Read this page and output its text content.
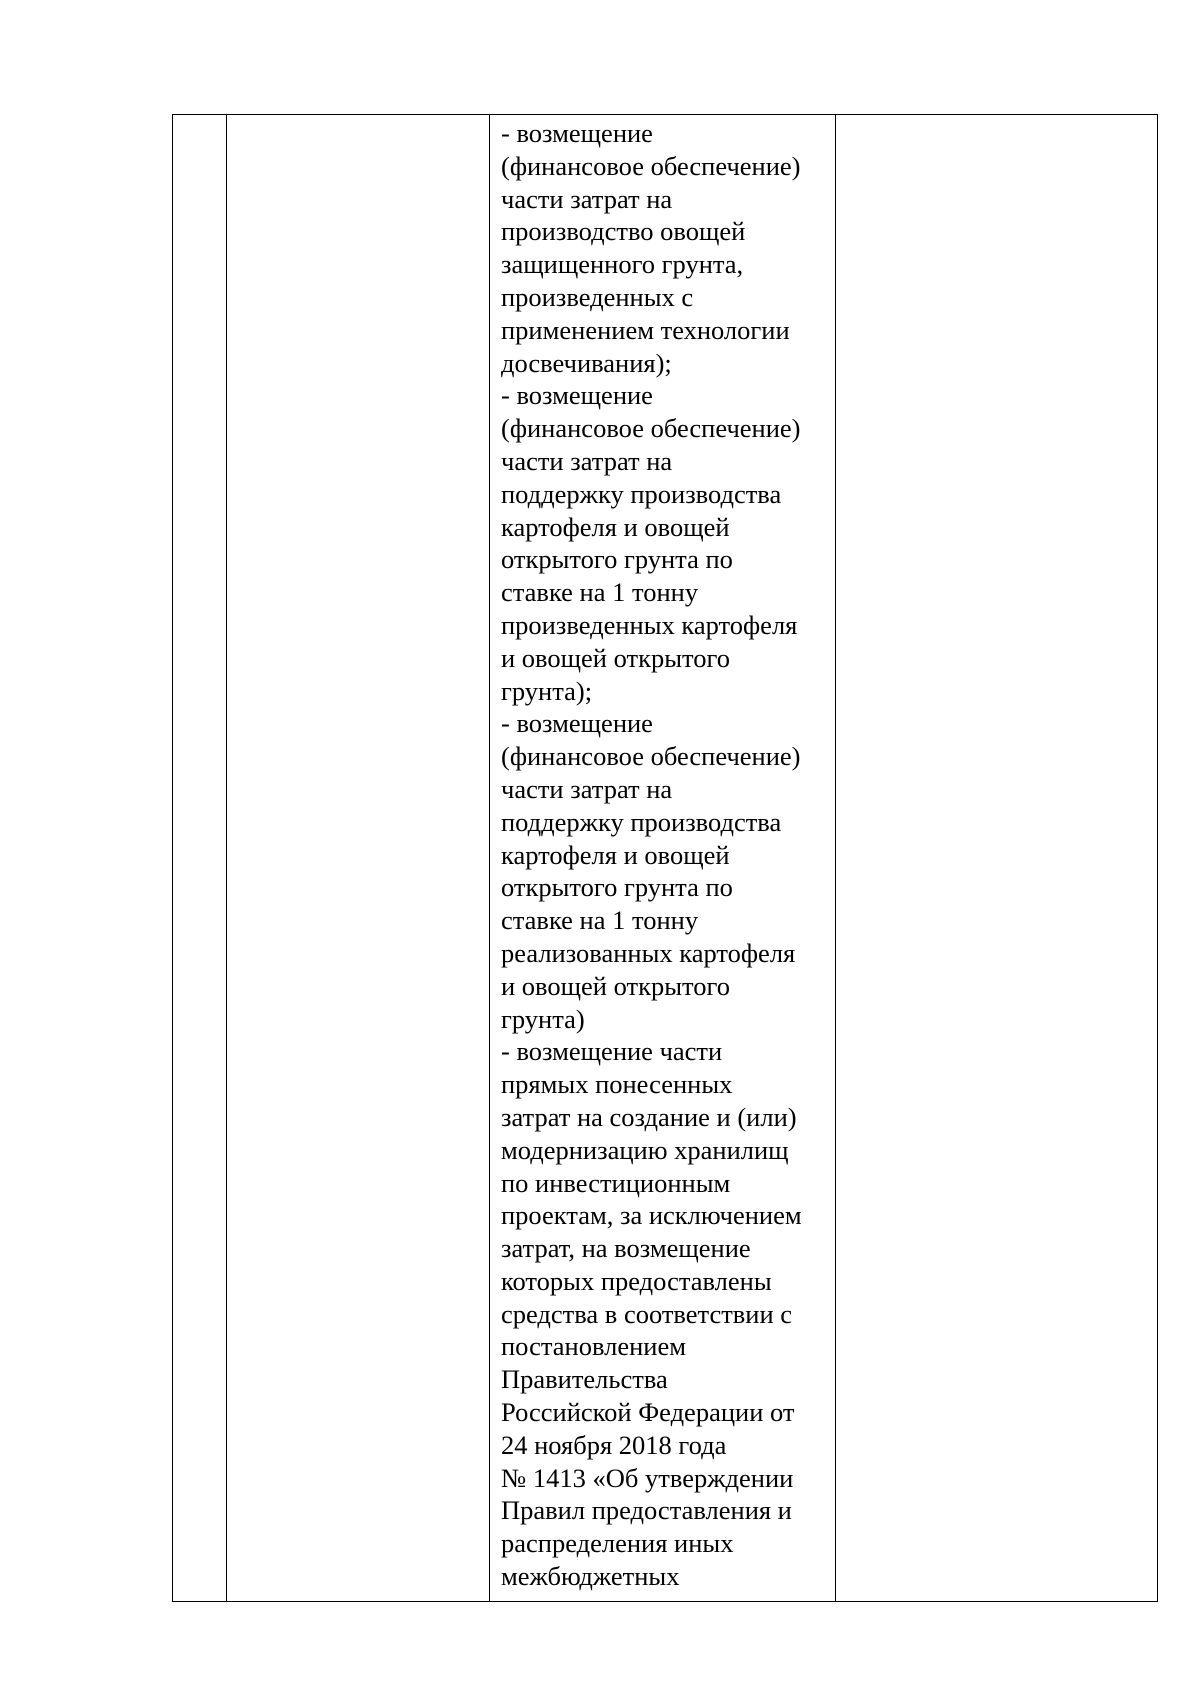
- возмещение
(финансовое обеспечение)
части затрат на
производство овощей
защищенного грунта,
произведенных с
применением технологии
досвечивания);
- возмещение
(финансовое обеспечение)
части затрат на
поддержку производства
картофеля и овощей
открытого грунта по
ставке на 1 тонну
произведенных картофеля
и овощей открытого
грунта);
- возмещение
(финансовое обеспечение)
части затрат на
поддержку производства
картофеля и овощей
открытого грунта по
ставке на 1 тонну
реализованных картофеля
и овощей открытого
грунта)
- возмещение части
прямых понесенных
затрат на создание и (или)
модернизацию хранилищ
по инвестиционным
проектам, за исключением
затрат, на возмещение
которых предоставлены
средства в соответствии с
постановлением
Правительства
Российской Федерации от
24 ноября 2018 года
№ 1413 «Об утверждении
Правил предоставления и
распределения иных
межбюджетных
